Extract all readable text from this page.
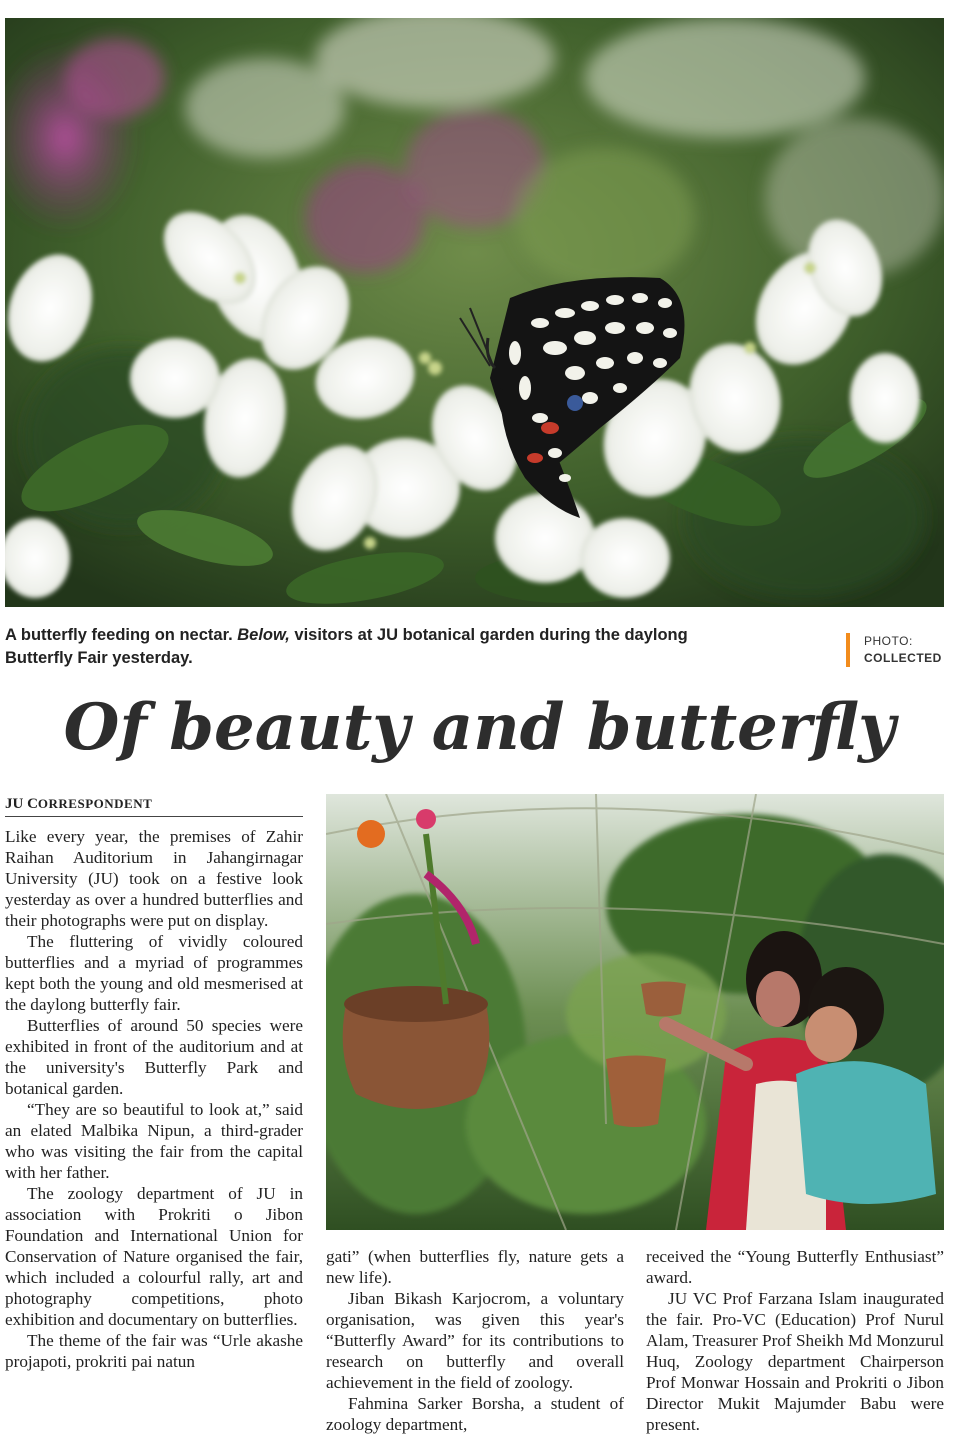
A butterfly feeding on nectar. Below, visitors at JU botanical garden during the daylong Butterfly Fair yesterday.
PHOTO:
COLLECTED
Of beauty and butterfly
JU CORRESPONDENT

Like every year, the premises of Zahir Raihan Auditorium in Jahangirnagar University (JU) took on a festive look yesterday as over a hundred butterflies and their photographs were put on display.

The fluttering of vividly coloured butterflies and a myriad of programmes kept both the young and old mesmerised at the daylong butterfly fair.

Butterflies of around 50 species were exhibited in front of the auditorium and at the university's Butterfly Park and botanical garden.

“They are so beautiful to look at,” said an elated Malbika Nipun, a third-grader who was visiting the fair from the capital with her father.

The zoology department of JU in association with Prokriti o Jibon Foundation and International Union for Conservation of Nature organised the fair, which included a colourful rally, art and photography competitions, photo exhibition and documentary on butterflies.

The theme of the fair was “Urle akashe projapoti, prokriti pai natun

gati” (when butterflies fly, nature gets a new life).

Jiban Bikash Karjocrom, a voluntary organisation, was given this year's “Butterfly Award” for its contributions to research on butterfly and overall achievement in the field of zoology.

Fahmina Sarker Borsha, a student of zoology department,

received the “Young Butterfly Enthusiast” award.

JU VC Prof Farzana Islam inaugurated the fair. Pro-VC (Education) Prof Nurul Alam, Treasurer Prof Sheikh Md Monzurul Huq, Zoology department Chairperson Prof Monwar Hossain and Prokriti o Jibon Director Mukit Majumder Babu were present.
